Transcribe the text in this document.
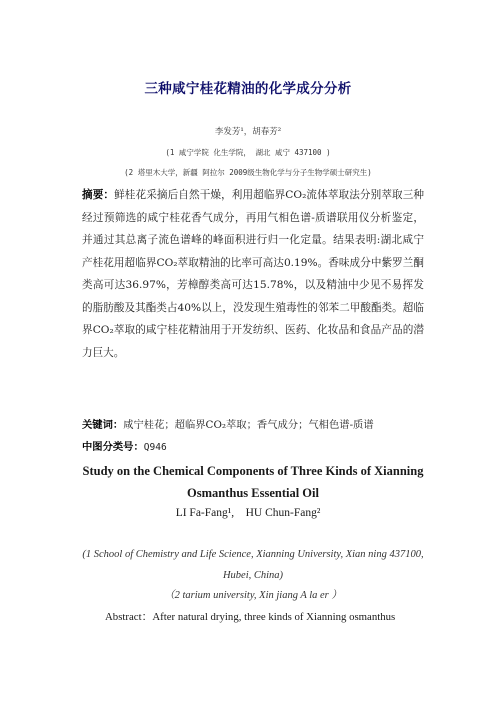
三种咸宁桂花精油的化学成分分析
李发芳¹，胡春芳²
(1 咸宁学院 化生学院， 湖北 咸宁 437100 )
(2 塔里木大学，新疆 阿拉尔 2009级生物化学与分子生物学硕士研究生)

摘要：鲜桂花采摘后自然干燥，利用超临界CO₂流体萃取法分别萃取三种经过预筛选的咸宁桂花香气成分，再用气相色谱-质谱联用仪分析鉴定，并通过其总离子流色谱峰的峰面积进行归一化定量。结果表明:湖北咸宁产桂花用超临界CO₂萃取精油的比率可高达0.19%。香味成分中紫罗兰酮类高可达36.97%，芳樟醇类高可达15.78%，以及精油中少见不易挥发的脂肪酸及其酯类占40%以上，没发现生殖毒性的邻苯二甲酸酯类。超临界CO₂萃取的咸宁桂花精油用于开发纺织、医药、化妆品和食品产品的潜力巨大。

关键词：咸宁桂花；超临界CO₂萃取；香气成分；气相色谱-质谱

中图分类号：Q946

Study on the Chemical Components of Three Kinds of Xianning
Osmanthus Essential Oil
LI Fa-Fang¹,　HU Chun-Fang²
(1 School of Chemistry and Life Science, Xianning University, Xian ning 437100, Hubei, China)
（2 tarium university, Xin jiang A la er ）

Abstract：After natural drying, three kinds of Xianning osmanthus
